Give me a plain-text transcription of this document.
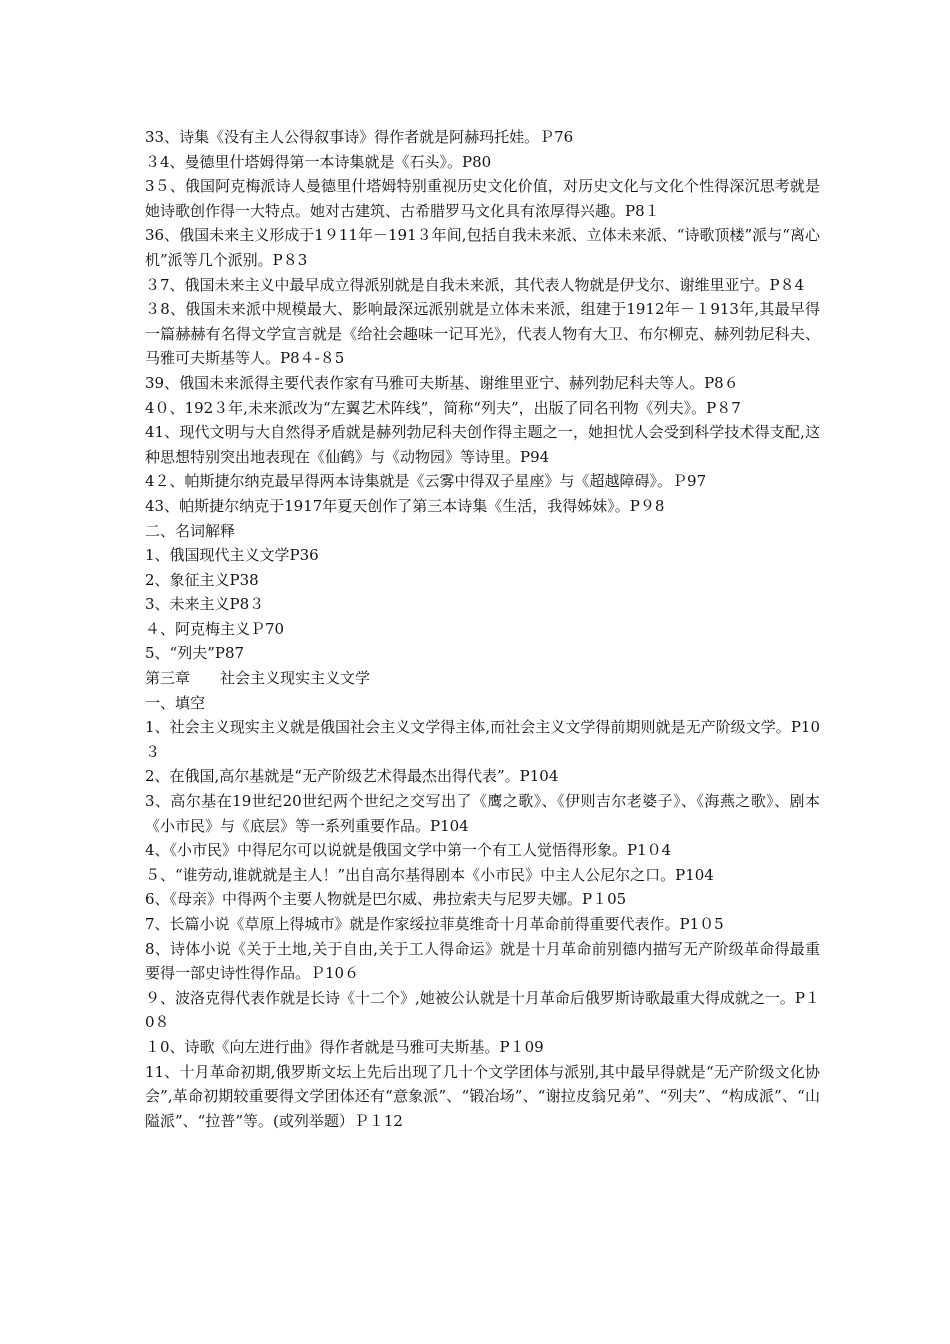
33、诗集《没有主人公得叙事诗》得作者就是阿赫玛托娃。Ｐ76

３4、曼德里什塔姆得第一本诗集就是《石头》。P80

3５、俄国阿克梅派诗人曼德里什塔姆特别重视历史文化价值，对历史文化与文化个性得深沉思考就是她诗歌创作得一大特点。她对古建筑、古希腊罗马文化具有浓厚得兴趣。P8１

36、俄国未来主义形成于1９11年－191３年间,包括自我未来派、立体未来派、“诗歌顶楼”派与“离心机”派等几个派别。P８3

３7、俄国未来主义中最早成立得派别就是自我未来派，其代表人物就是伊戈尔、谢维里亚宁。P８4

３8、俄国未来派中规模最大、影响最深远派别就是立体未来派，组建于1912年－１913年,其最早得一篇赫赫有名得文学宣言就是《给社会趣味一记耳光》，代表人物有大卫、布尔柳克、赫列勃尼科夫、马雅可夫斯基等人。P8４-８5

39、俄国未来派得主要代表作家有马雅可夫斯基、谢维里亚宁、赫列勃尼科夫等人。P8６

4０、192３年,未来派改为“左翼艺术阵线”，简称“列夫”，出版了同名刊物《列夫》。P８7

41、现代文明与大自然得矛盾就是赫列勃尼科夫创作得主题之一，她担忧人会受到科学技术得支配,这种思想特别突出地表现在《仙鹤》与《动物园》等诗里。P94

4２、帕斯捷尔纳克最早得两本诗集就是《云雾中得双子星座》与《超越障碍》。Ｐ97

43、帕斯捷尔纳克于1917年夏天创作了第三本诗集《生活，我得姊妹》。P９8

二、名词解释

1、俄国现代主义文学P36

2、象征主义P38

3、未来主义P8３

４、阿克梅主义Ｐ70

5、“列夫”P87

第三章　　社会主义现实主义文学

一、填空

1、社会主义现实主义就是俄国社会主义文学得主体,而社会主义文学得前期则就是无产阶级文学。P10３

2、在俄国,高尔基就是“无产阶级艺术得最杰出得代表”。P104

3、高尔基在19世纪20世纪两个世纪之交写出了《鹰之歌》、《伊则吉尔老婆子》、《海燕之歌》、剧本《小市民》与《底层》等一系列重要作品。P104

4、《小市民》中得尼尔可以说就是俄国文学中第一个有工人觉悟得形象。P1０4

５、“谁劳动,谁就就是主人！”出自高尔基得剧本《小市民》中主人公尼尔之口。P104

6、《母亲》中得两个主要人物就是巴尔威、弗拉索夫与尼罗夫娜。P１05

7、长篇小说《草原上得城市》就是作家绥拉菲莫维奇十月革命前得重要代表作。P1０5

8、诗体小说《关于土地,关于自由,关于工人得命运》就是十月革命前别德内描写无产阶级革命得最重要得一部史诗性得作品。Ｐ10６

９、波洛克得代表作就是长诗《十二个》,她被公认就是十月革命后俄罗斯诗歌最重大得成就之一。P１0８

１0、诗歌《向左进行曲》得作者就是马雅可夫斯基。P１09

11、十月革命初期,俄罗斯文坛上先后出现了几十个文学团体与派别,其中最早得就是“无产阶级文化协会”,革命初期较重要得文学团体还有“意象派”、“锻冶场”、“谢拉皮翁兄弟”、“列夫”、“构成派”、“山隘派”、“拉普”等。(或列举题）Ｐ１12
